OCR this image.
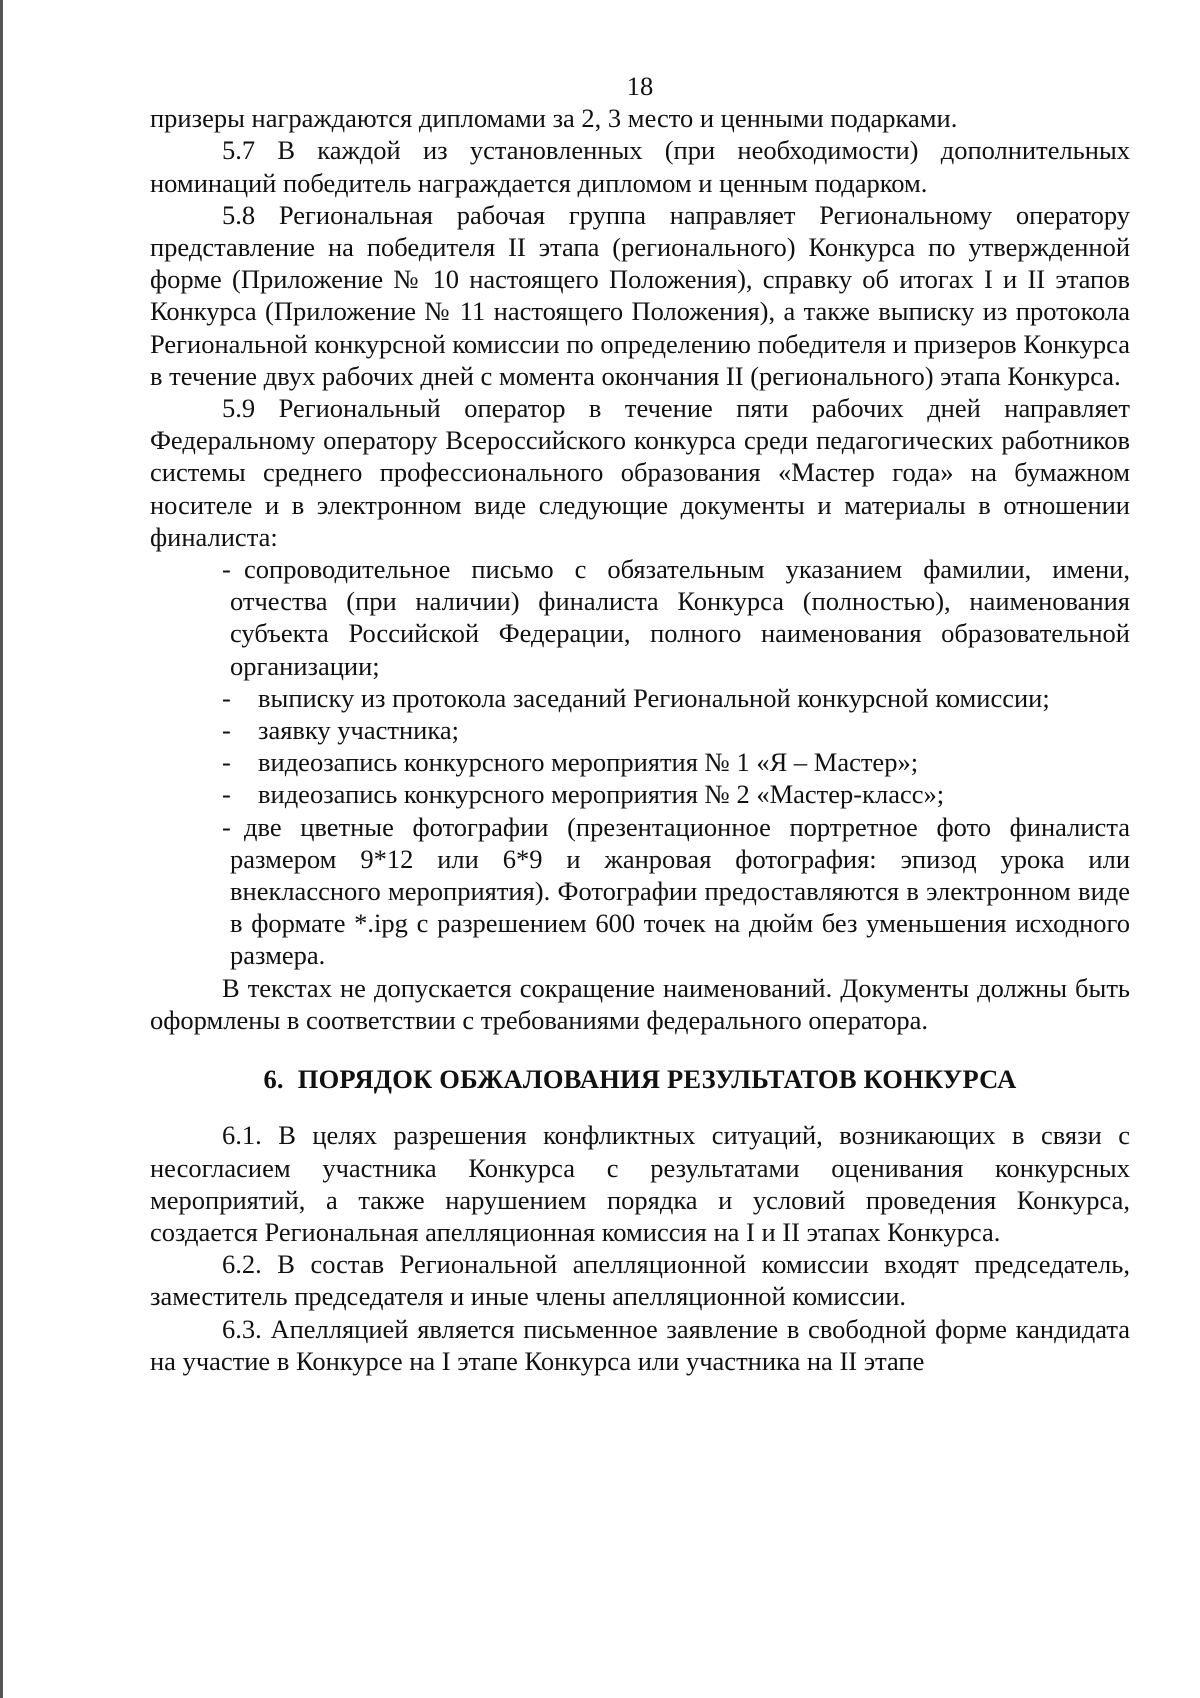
18

призеры награждаются дипломами за 2, 3 место и ценными подарками.

5.7 В каждой из установленных (при необходимости) дополнительных номинаций победитель награждается дипломом и ценным подарком.

5.8 Региональная рабочая группа направляет Региональному оператору представление на победителя II этапа (регионального) Конкурса по утвержденной форме (Приложение № 10 настоящего Положения), справку об итогах I и II этапов Конкурса (Приложение № 11 настоящего Положения), а также выписку из протокола Региональной конкурсной комиссии по определению победителя и призеров Конкурса в течение двух рабочих дней с момента окончания II (регионального) этапа Конкурса.

5.9 Региональный оператор в течение пяти рабочих дней направляет Федеральному оператору Всероссийского конкурса среди педагогических работников системы среднего профессионального образования «Мастер года» на бумажном носителе и в электронном виде следующие документы и материалы в отношении финалиста:

- сопроводительное письмо с обязательным указанием фамилии, имени, отчества (при наличии) финалиста Конкурса (полностью), наименования субъекта Российской Федерации, полного наименования образовательной организации;

- выписку из протокола заседаний Региональной конкурсной комиссии;

- заявку участника;

- видеозапись конкурсного мероприятия № 1 «Я – Мастер»;

- видеозапись конкурсного мероприятия № 2 «Мастер-класс»;

- две цветные фотографии (презентационное портретное фото финалиста размером 9*12 или 6*9 и жанровая фотография: эпизод урока или внеклассного мероприятия). Фотографии предоставляются в электронном виде в формате *.ipg с разрешением 600 точек на дюйм без уменьшения исходного размера.

В текстах не допускается сокращение наименований. Документы должны быть оформлены в соответствии с требованиями федерального оператора.

6. ПОРЯДОК ОБЖАЛОВАНИЯ РЕЗУЛЬТАТОВ КОНКУРСА

6.1. В целях разрешения конфликтных ситуаций, возникающих в связи с несогласием участника Конкурса с результатами оценивания конкурсных мероприятий, а также нарушением порядка и условий проведения Конкурса, создается Региональная апелляционная комиссия на I и II этапах Конкурса.

6.2. В состав Региональной апелляционной комиссии входят председатель, заместитель председателя и иные члены апелляционной комиссии.

6.3. Апелляцией является письменное заявление в свободной форме кандидата на участие в Конкурсе на I этапе Конкурса или участника на II этапе
